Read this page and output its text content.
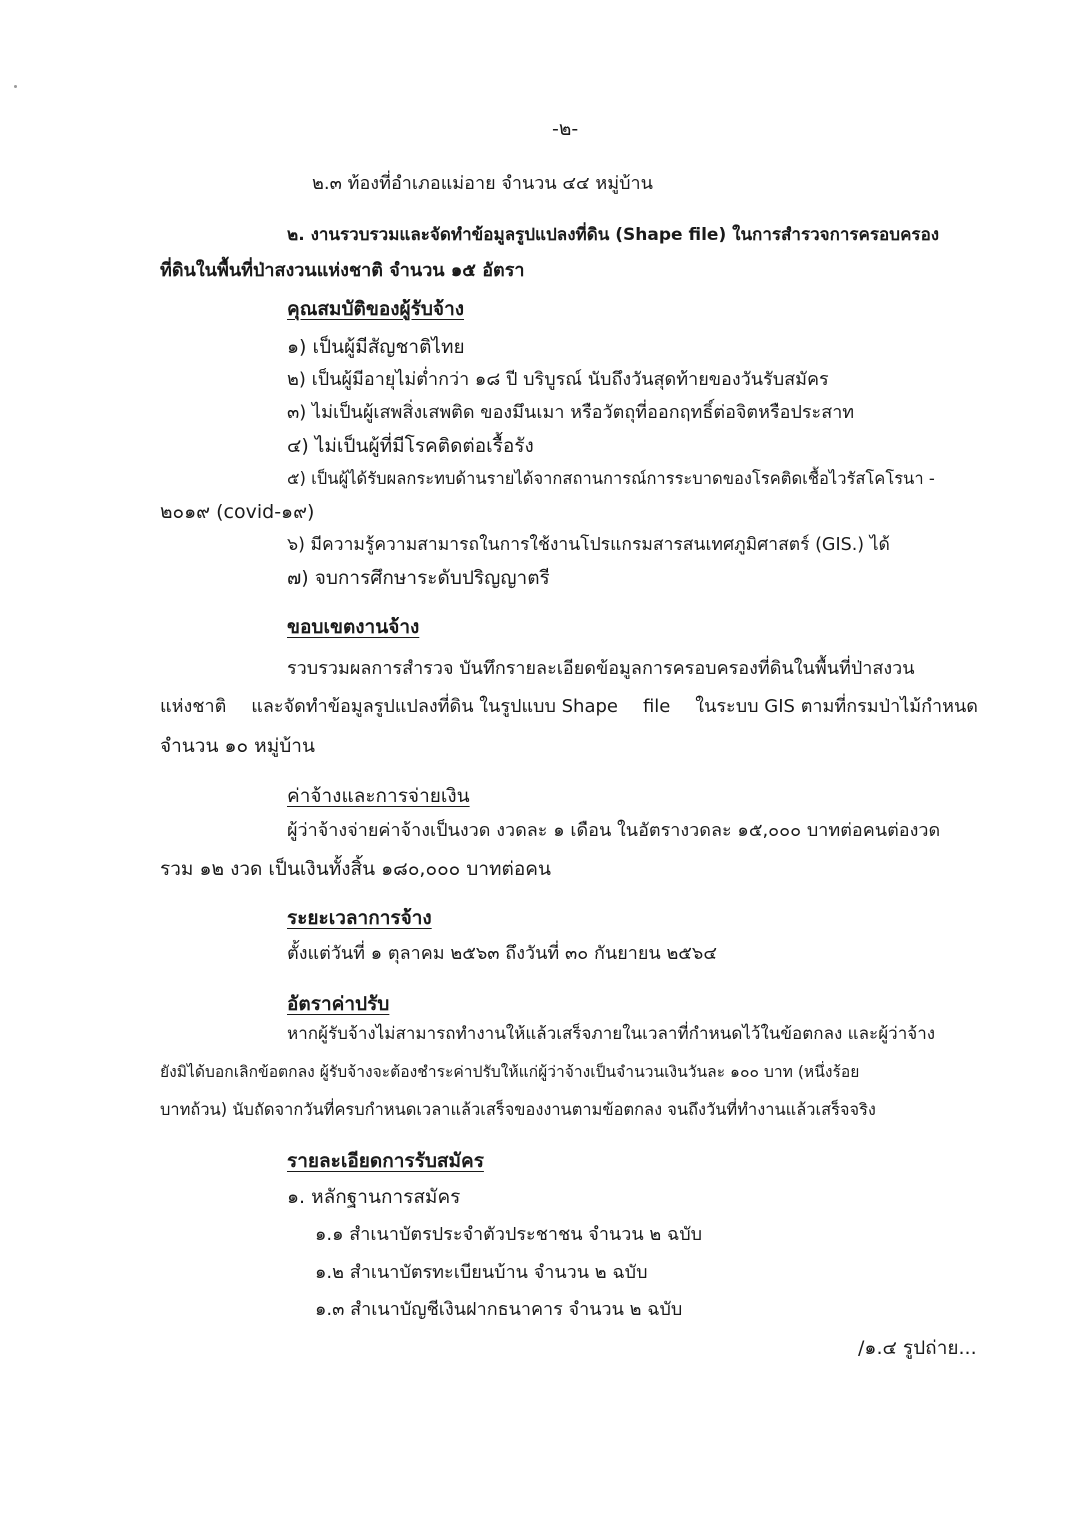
-๒-
๒.๓ ท้องที่อำเภอแม่อาย จำนวน ๔๔ หมู่บ้าน
๒. งานรวบรวมและจัดทำข้อมูลรูปแปลงที่ดิน (Shape file) ในการสำรวจการครอบครอง
ที่ดินในพื้นที่ป่าสงวนแห่งชาติ จำนวน ๑๕ อัตรา
คุณสมบัติของผู้รับจ้าง
๑) เป็นผู้มีสัญชาติไทย
๒) เป็นผู้มีอายุไม่ต่ำกว่า ๑๘ ปี บริบูรณ์ นับถึงวันสุดท้ายของวันรับสมัคร
๓) ไม่เป็นผู้เสพสิ่งเสพติด ของมึนเมา หรือวัตถุที่ออกฤทธิ์ต่อจิตหรือประสาท
๔) ไม่เป็นผู้ที่มีโรคติดต่อเรื้อรัง
๕) เป็นผู้ได้รับผลกระทบด้านรายได้จากสถานการณ์การระบาดของโรคติดเชื้อไวรัสโคโรนา -
๒๐๑๙ (covid-๑๙)
๖) มีความรู้ความสามารถในการใช้งานโปรแกรมสารสนเทศภูมิศาสตร์ (GIS.) ได้
๗) จบการศึกษาระดับปริญญาตรี
ขอบเขตงานจ้าง
รวบรวมผลการสำรวจ บันทึกรายละเอียดข้อมูลการครอบครองที่ดินในพื้นที่ป่าสงวน
แห่งชาติ และจัดทำข้อมูลรูปแปลงที่ดิน ในรูปแบบ Shape file ในระบบ GIS ตามที่กรมป่าไม้กำหนด
จำนวน ๑๐ หมู่บ้าน
ค่าจ้างและการจ่ายเงิน
ผู้ว่าจ้างจ่ายค่าจ้างเป็นงวด งวดละ ๑ เดือน ในอัตรางวดละ ๑๕,๐๐๐ บาทต่อคนต่องวด
รวม ๑๒ งวด เป็นเงินทั้งสิ้น ๑๘๐,๐๐๐ บาทต่อคน
ระยะเวลาการจ้าง
ตั้งแต่วันที่ ๑ ตุลาคม ๒๕๖๓ ถึงวันที่ ๓๐ กันยายน ๒๕๖๔
อัตราค่าปรับ
หากผู้รับจ้างไม่สามารถทำงานให้แล้วเสร็จภายในเวลาที่กำหนดไว้ในข้อตกลง และผู้ว่าจ้าง
ยังมิได้บอกเลิกข้อตกลง ผู้รับจ้างจะต้องชำระค่าปรับให้แก่ผู้ว่าจ้างเป็นจำนวนเงินวันละ ๑๐๐ บาท (หนึ่งร้อย
บาทถ้วน) นับถัดจากวันที่ครบกำหนดเวลาแล้วเสร็จของงานตามข้อตกลง จนถึงวันที่ทำงานแล้วเสร็จจริง
รายละเอียดการรับสมัคร
๑. หลักฐานการสมัคร
๑.๑ สำเนาบัตรประจำตัวประชาชน จำนวน ๒ ฉบับ
๑.๒ สำเนาบัตรทะเบียนบ้าน จำนวน ๒ ฉบับ
๑.๓ สำเนาบัญชีเงินฝากธนาคาร จำนวน ๒ ฉบับ
/๑.๔ รูปถ่าย...
